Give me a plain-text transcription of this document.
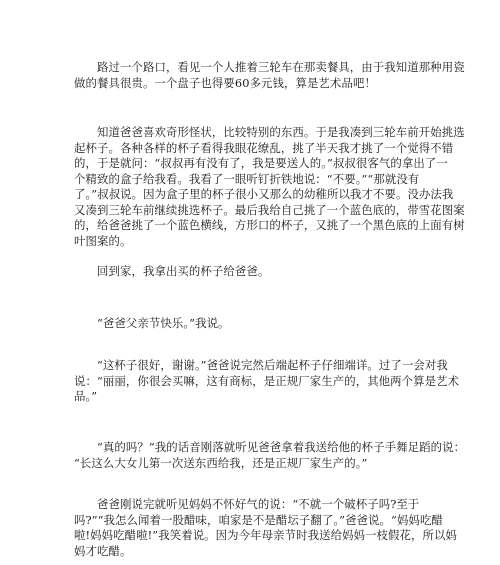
路过一个路口，看见一个人推着三轮车在那卖餐具，由于我知道那种用瓷
做的餐具很贵。一个盘子也得要60多元钱，算是艺术品吧！

知道爸爸喜欢奇形怪状，比较特别的东西。于是我凑到三轮车前开始挑选
起杯子。各种各样的杯子看得我眼花缭乱，挑了半天我才挑了一个觉得不错
的，于是就问：“叔叔再有没有了，我是要送人的。”叔叔很客气的拿出了一
个精致的盒子给我看。我看了一眼听钉折铁地说：“不要。”“那就没有
了。”叔叔说。因为盒子里的杯子很小又那么的幼稚所以我才不要。没办法我
又凑到三轮车前继续挑选杯子。最后我给自己挑了一个蓝色底的，带雪花图案
的，给爸爸挑了一个蓝色横线，方形口的杯子，又挑了一个黑色底的上面有树
叶图案的。

回到家，我拿出买的杯子给爸爸。

“爸爸父亲节快乐。”我说。

“这杯子很好，谢谢。”爸爸说完然后端起杯子仔细端详。过了一会对我
说：“丽丽，你很会买嘛，这有商标，是正规厂家生产的，其他两个算是艺术
品。”

“真的吗？”我的话音刚落就听见爸爸拿着我送给他的杯子手舞足蹈的说：
“长这么大女儿第一次送东西给我，还是正规厂家生产的。”

爸爸刚说完就听见妈妈不怀好气的说：“不就一个破杯子吗?至于
吗?”“我怎么闻着一股醋味，咱家是不是醋坛子翻了。”爸爸说。“妈妈吃醋
啦!妈妈吃醋啦!”我笑着说。因为今年母亲节时我送给妈妈一枝假花，所以妈
妈才吃醋。
